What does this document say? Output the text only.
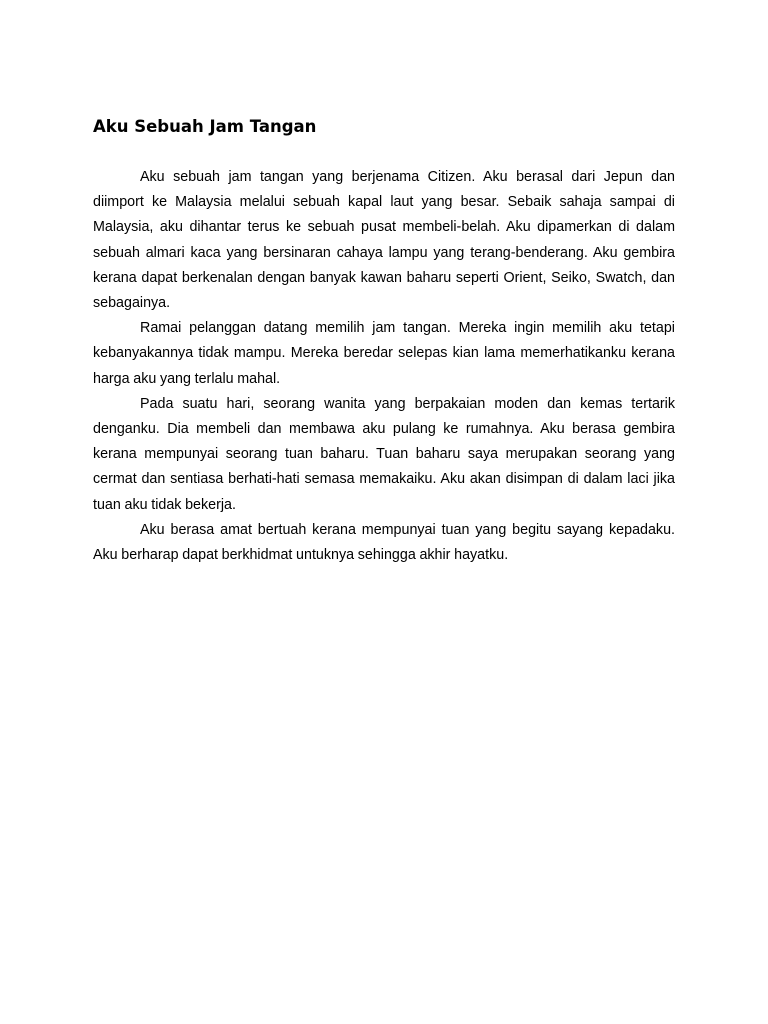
Aku Sebuah Jam Tangan

Aku sebuah jam tangan yang berjenama Citizen. Aku berasal dari Jepun dan diimport ke Malaysia melalui sebuah kapal laut yang besar. Sebaik sahaja sampai di Malaysia, aku dihantar terus ke sebuah pusat membeli-belah. Aku dipamerkan di dalam sebuah almari kaca yang bersinaran cahaya lampu yang terang-benderang. Aku gembira kerana dapat berkenalan dengan banyak kawan baharu seperti Orient, Seiko, Swatch, dan sebagainya.

Ramai pelanggan datang memilih jam tangan. Mereka ingin memilih aku tetapi kebanyakannya tidak mampu. Mereka beredar selepas kian lama memerhatikanku kerana harga aku yang terlalu mahal.

Pada suatu hari, seorang wanita yang berpakaian moden dan kemas tertarik denganku. Dia membeli dan membawa aku pulang ke rumahnya. Aku berasa gembira kerana mempunyai seorang tuan baharu. Tuan baharu saya merupakan seorang yang cermat dan sentiasa berhati-hati semasa memakaiku. Aku akan disimpan di dalam laci jika tuan aku tidak bekerja.

Aku berasa amat bertuah kerana mempunyai tuan yang begitu sayang kepadaku. Aku berharap dapat berkhidmat untuknya sehingga akhir hayatku.
